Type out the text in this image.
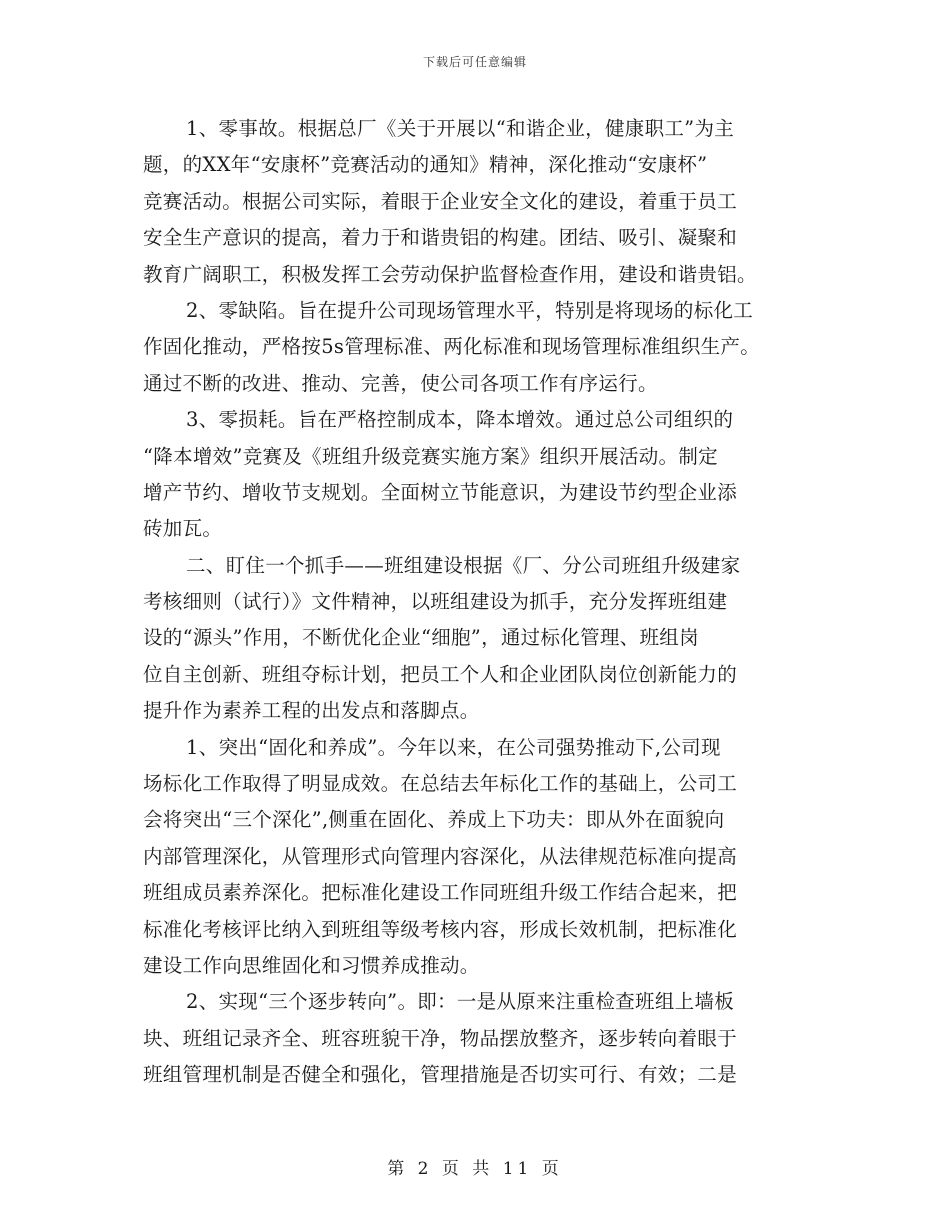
下载后可任意编辑
1、零事故。根据总厂《关于开展以“和谐企业，健康职工”为主
题，的XX年“安康杯”竞赛活动的通知》精神，深化推动“安康杯”
竞赛活动。根据公司实际，着眼于企业安全文化的建设，着重于员工
安全生产意识的提高，着力于和谐贵铝的构建。团结、吸引、凝聚和
教育广阔职工，积极发挥工会劳动保护监督检查作用，建设和谐贵铝。
2、零缺陷。旨在提升公司现场管理水平，特别是将现场的标化工
作固化推动，严格按5s管理标准、两化标准和现场管理标准组织生产。
通过不断的改进、推动、完善，使公司各项工作有序运行。
3、零损耗。旨在严格控制成本，降本增效。通过总公司组织的
“降本增效”竞赛及《班组升级竞赛实施方案》组织开展活动。制定
增产节约、增收节支规划。全面树立节能意识，为建设节约型企业添
砖加瓦。
二、盯住一个抓手——班组建设根据《厂、分公司班组升级建家
考核细则（试行）》文件精神，以班组建设为抓手，充分发挥班组建
设的“源头”作用，不断优化企业“细胞”，通过标化管理、班组岗
位自主创新、班组夺标计划，把员工个人和企业团队岗位创新能力的
提升作为素养工程的出发点和落脚点。
1、突出“固化和养成”。今年以来，在公司强势推动下,公司现
场标化工作取得了明显成效。在总结去年标化工作的基础上，公司工
会将突出“三个深化”,侧重在固化、养成上下功夫：即从外在面貌向
内部管理深化，从管理形式向管理内容深化，从法律规范标准向提高
班组成员素养深化。把标准化建设工作同班组升级工作结合起来，把
标准化考核评比纳入到班组等级考核内容，形成长效机制，把标准化
建设工作向思维固化和习惯养成推动。
2、实现“三个逐步转向”。即：一是从原来注重检查班组上墙板
块、班组记录齐全、班容班貌干净，物品摆放整齐，逐步转向着眼于
班组管理机制是否健全和强化，管理措施是否切实可行、有效；二是
第 2 页 共 11 页
